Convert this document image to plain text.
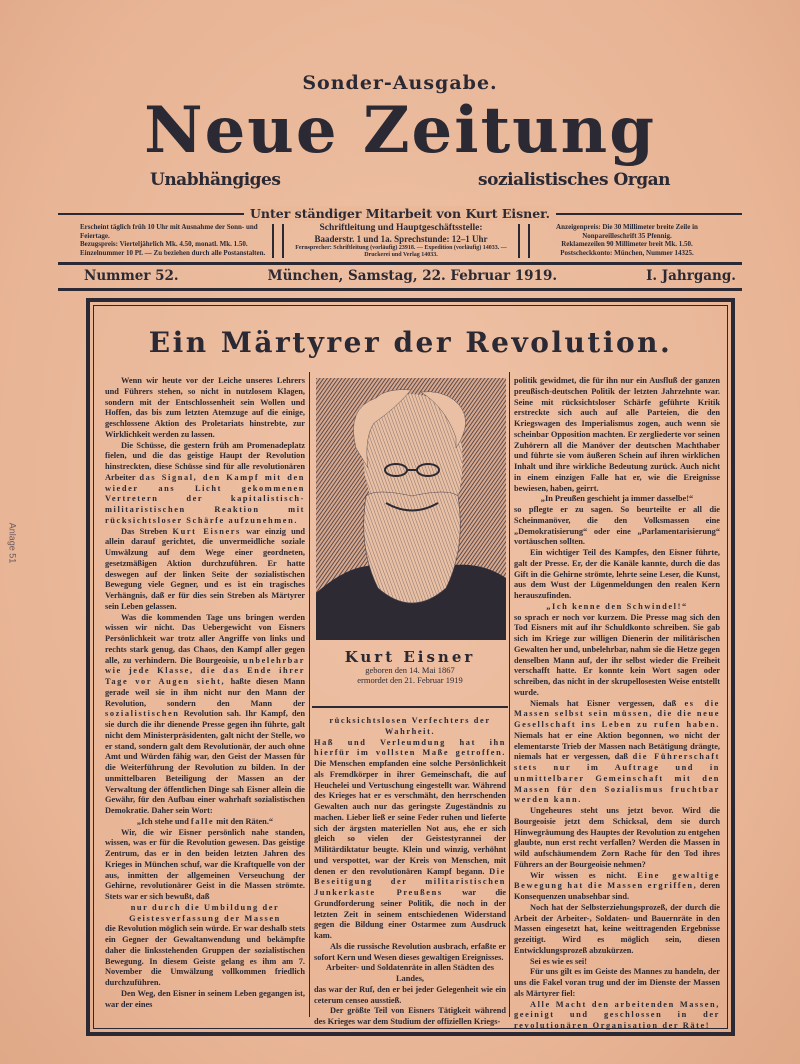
Anlage 51
Sonder-Ausgabe.
Neue Zeitung
Unabhängiges	sozialistisches Organ
Unter ständiger Mitarbeit von Kurt Eisner.
Erscheint täglich früh 10 Uhr mit Ausnahme der Sonn- und Feiertage.
Bezugspreis: Vierteljährlich Mk. 4.50, monatl. Mk. 1.50.
Einzelnummer 10 Pf. — Zu beziehen durch alle Postanstalten.
Schriftleitung und Hauptgeschäftsstelle:
Baaderstr. 1 und 1a. Sprechstunde: 12–1 Uhr
Fernsprecher: Schriftleitung (vorläufig) 23918. — Expedition (vorläufig) 14033. — Druckerei und Verlag 14033.
Anzeigenpreis: Die 30 Millimeter breite Zeile in Nonpareilleschrift 35 Pfennig.
Reklamezeilen 90 Millimeter breit Mk. 1.50.
Postscheckkonto: München, Nummer 14325.
Nummer 52.	München, Samstag, 22. Februar 1919.	I. Jahrgang.
Ein Märtyrer der Revolution.

Wenn wir heute vor der Leiche unseres Lehrers und Führers stehen, so nicht in nutzlosem Klagen, sondern mit der Entschlossenheit sein Wollen und Hoffen, das bis zum letzten Atemzuge auf die einige, geschlossene Aktion des Proletariats hinstrebte, zur Wirklichkeit werden zu lassen.

Die Schüsse, die gestern früh am Promenadeplatz fielen, und die das geistige Haupt der Revolution hinstreckten, diese Schüsse sind für alle revolutionären Arbeiter das Signal, den Kampf mit den wieder ans Licht gekommenen Vertretern der kapitalistisch-militaristischen Reaktion mit rücksichtsloser Schärfe aufzunehmen.

Das Streben Kurt Eisners war einzig und allein darauf gerichtet, die unvermeidliche soziale Umwälzung auf dem Wege einer geordneten, gesetzmäßigen Aktion durchzuführen. Er hatte deswegen auf der linken Seite der sozialistischen Bewegung viele Gegner, und es ist ein tragisches Verhängnis, daß er für dies sein Streben als Märtyrer sein Leben gelassen.

Was die kommenden Tage uns bringen werden wissen wir nicht. Das Uebergewicht von Eisners Persönlichkeit war trotz aller Angriffe von links und rechts stark genug, das Chaos, den Kampf aller gegen alle, zu verhindern. Die Bourgeoisie, unbelehrbar wie jede Klasse, die das Ende ihrer Tage vor Augen sieht, haßte diesen Mann gerade weil sie in ihm nicht nur den Mann der Revolution, sondern den Mann der sozialistischen Revolution sah. Ihr Kampf, den sie durch die ihr dienende Presse gegen ihn führte, galt nicht dem Ministerpräsidenten, galt nicht der Stelle, wo er stand, sondern galt dem Revolutionär, der auch ohne Amt und Würden fähig war, den Geist der Massen für die Weiterführung der Revolution zu bilden. In der unmittelbaren Beteiligung der Massen an der Verwaltung der öffentlichen Dinge sah Eisner allein die Gewähr, für den Aufbau einer wahrhaft sozialistischen Demokratie. Daher sein Wort:

„Ich stehe und falle mit den Räten.“

Wir, die wir Eisner persönlich nahe standen, wissen, was er für die Revolution gewesen. Das geistige Zentrum, das er in den beiden letzten Jahren des Krieges in München schuf, war die Kraftquelle von der aus, inmitten der allgemeinen Verseuchung der Gehirne, revolutionärer Geist in die Massen strömte. Stets war er sich bewußt, daß

nur durch die Umbildung der Geistesverfassung der Massen

die Revolution möglich sein würde. Er war deshalb stets ein Gegner der Gewaltanwendung und bekämpfte daher die linksstehenden Gruppen der sozialistischen Bewegung. In diesem Geiste gelang es ihm am 7. November die Umwälzung vollkommen friedlich durchzuführen.

Den Weg, den Eisner in seinem Leben gegangen ist, war der eines

Kurt Eisner
geboren den 14. Mai 1867
ermordet den 21. Februar 1919

rücksichtslosen Verfechters der Wahrheit.

Haß und Verleumdung hat ihn hierfür im vollsten Maße getroffen. Die Menschen empfanden eine solche Persönlichkeit als Fremdkörper in ihrer Gemeinschaft, die auf Heuchelei und Vertuschung eingestellt war. Während des Krieges hat er es verschmäht, den herrschenden Gewalten auch nur das geringste Zugeständnis zu machen. Lieber ließ er seine Feder ruhen und lieferte sich der ärgsten materiellen Not aus, ehe er sich gleich so vielen der Geistestyrannei der Militärdiktatur beugte. Klein und winzig, verhöhnt und verspottet, war der Kreis von Menschen, mit denen er den revolutionären Kampf begann. Die Beseitigung der militaristischen Junkerkaste Preußens war die Grundforderung seiner Politik, die noch in der letzten Zeit in seinem entschiedenen Widerstand gegen die Bildung einer Ostarmee zum Ausdruck kam.

Als die russische Revolution ausbrach, erfaßte er sofort Kern und Wesen dieses gewaltigen Ereignisses.

Arbeiter- und Soldatenräte in allen Städten des Landes,

das war der Ruf, den er bei jeder Gelegenheit wie ein ceterum censeo ausstieß.

Der größte Teil von Eisners Tätigkeit während des Krieges war dem Studium der offiziellen Kriegs-

politik gewidmet, die für ihn nur ein Ausfluß der ganzen preußisch-deutschen Politik der letzten Jahrzehnte war. Seine mit rücksichtsloser Schärfe geführte Kritik erstreckte sich auch auf alle Parteien, die den Kriegswagen des Imperialismus zogen, auch wenn sie scheinbar Opposition machten. Er zergliederte vor seinen Zuhörern all die Manöver der deutschen Machthaber und führte sie vom äußeren Schein auf ihren wirklichen Inhalt und ihre wirkliche Bedeutung zurück. Auch nicht in einem einzigen Falle hat er, wie die Ereignisse bewiesen, haben, geirrt.

„In Preußen geschieht ja immer dasselbe!“

so pflegte er zu sagen. So beurteilte er all die Scheinmanöver, die den Volksmassen eine „Demokratisierung“ oder eine „Parlamentarisierung“ vortäuschen sollten.

Ein wichtiger Teil des Kampfes, den Eisner führte, galt der Presse. Er, der die Kanäle kannte, durch die das Gift in die Gehirne strömte, lehrte seine Leser, die Kunst, aus dem Wust der Lügenmeldungen den realen Kern herauszufinden.

„Ich kenne den Schwindel!“

so sprach er noch vor kurzem. Die Presse mag sich den Tod Eisners mit auf ihr Schuldkonto schreiben. Sie gab sich im Kriege zur willigen Dienerin der militärischen Gewalten her und, unbelehrbar, nahm sie die Hetze gegen denselben Mann auf, der ihr selbst wieder die Freiheit verschafft hatte. Er konnte kein Wort sagen oder schreiben, das nicht in der skrupellosesten Weise entstellt wurde.

Niemals hat Eisner vergessen, daß es die Massen selbst sein müssen, die die neue Gesellschaft ins Leben zu rufen haben. Niemals hat er eine Aktion begonnen, wo nicht der elementarste Trieb der Massen nach Betätigung drängte, niemals hat er vergessen, daß die Führerschaft stets nur im Auftrage und in unmittelbarer Gemeinschaft mit den Massen für den Sozialismus fruchtbar werden kann.

Ungeheures steht uns jetzt bevor. Wird die Bourgeoisie jetzt dem Schicksal, dem sie durch Hinwegräumung des Hauptes der Revolution zu entgehen glaubte, nun erst recht verfallen? Werden die Massen in wild aufschäumendem Zorn Rache für den Tod ihres Führers an der Bourgeoisie nehmen?

Wir wissen es nicht. Eine gewaltige Bewegung hat die Massen ergriffen, deren Konsequenzen unabsehbar sind.

Noch hat der Selbsterziehungsprozeß, der durch die Arbeit der Arbeiter-, Soldaten- und Bauernräte in den Massen eingesetzt hat, keine weittragenden Ergebnisse gezeitigt. Wird es möglich sein, diesen Entwicklungsprozeß abzukürzen.

Sei es wie es sei!

Für uns gilt es im Geiste des Mannes zu handeln, der uns die Fakel voran trug und der im Dienste der Massen als Märtyrer fiel:

Alle Macht den arbeitenden Massen, geeinigt und geschlossen in der revolutionären Organisation der Räte!
